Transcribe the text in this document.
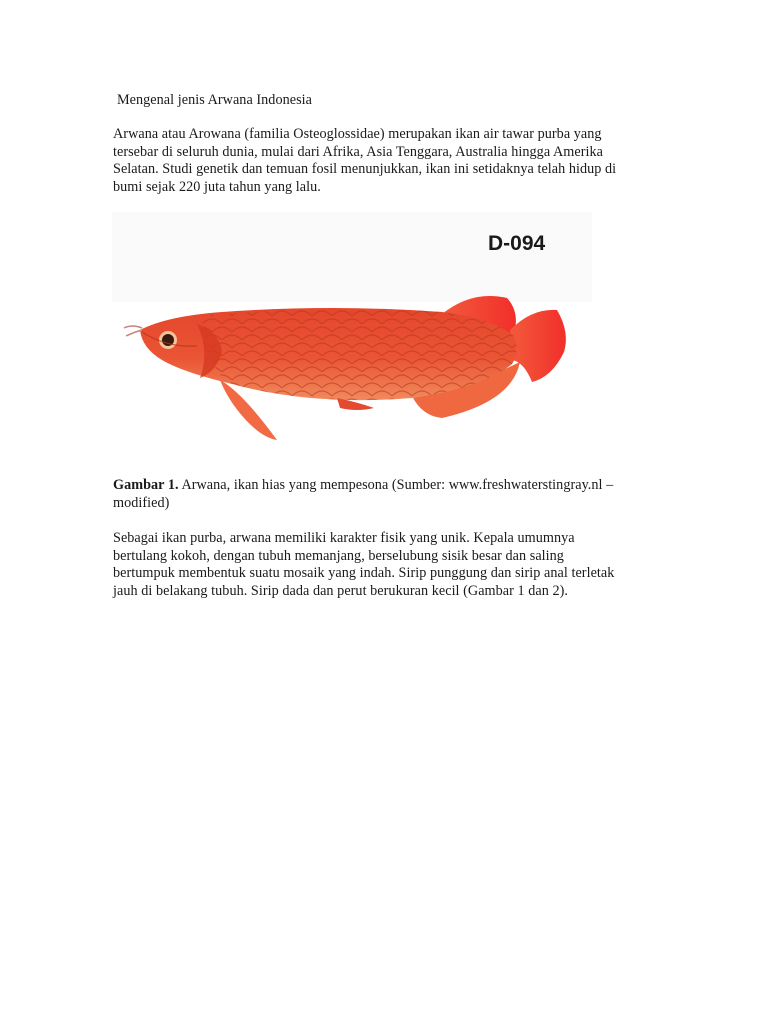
Mengenal jenis Arwana Indonesia
Arwana atau Arowana (familia Osteoglossidae) merupakan ikan air tawar purba yang
tersebar di seluruh dunia, mulai dari Afrika, Asia Tenggara, Australia hingga Amerika
Selatan. Studi genetik dan temuan fosil menunjukkan, ikan ini setidaknya telah hidup di
bumi sejak 220 juta tahun yang lalu.
D-094
Gambar 1. Arwana, ikan hias yang mempesona (Sumber: www.freshwaterstingray.nl –
modified)
Sebagai ikan purba, arwana memiliki karakter fisik yang unik. Kepala umumnya
bertulang kokoh, dengan tubuh memanjang, berselubung sisik besar dan saling
bertumpuk membentuk suatu mosaik yang indah. Sirip punggung dan sirip anal terletak
jauh di belakang tubuh. Sirip dada dan perut berukuran kecil (Gambar 1 dan 2).
